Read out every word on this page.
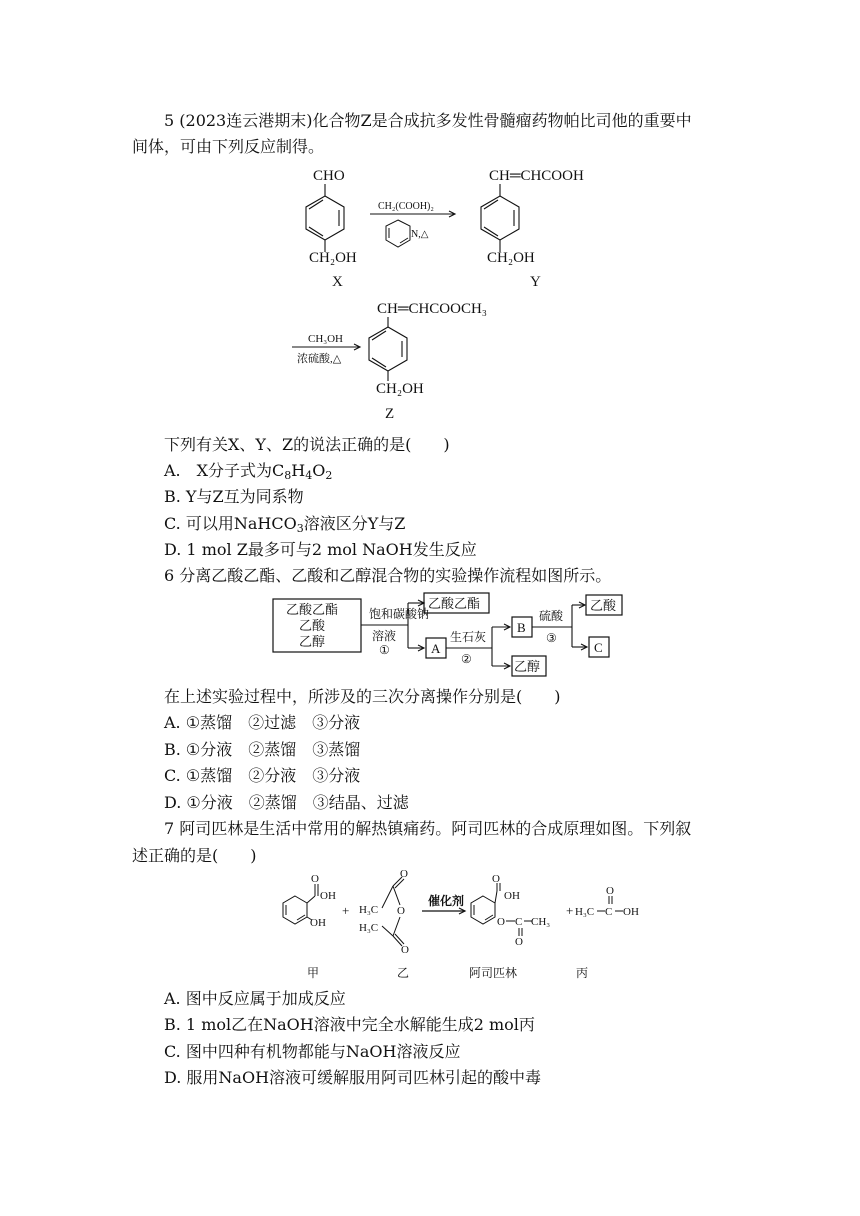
5 (2023连云港期末)化合物Z是合成抗多发性骨髓瘤药物帕比司他的重要中
间体，可由下列反应制得。
CHO
CH₂OH
X
CH₂(COOH)₂
N,△
CH═CHCOOH
CH₂OH
Y
CH₃OH
浓硫酸,△
CH═CHCOOCH₃
CH₂OH
Z
下列有关X、Y、Z的说法正确的是(　　)
A.　X分子式为$C_8H_4O_2$
B. Y与Z互为同系物
C. 可以用NaHCO$_3$溶液区分Y与Z
D. 1 mol Z最多可与2 mol NaOH发生反应
6 分离乙酸乙酯、乙酸和乙醇混合物的实验操作流程如图所示。
乙酸乙酯
乙酸
乙醇
饱和碳酸钠
溶液
①
乙酸乙酯
A
生石灰
②
B
乙醇
硫酸
③
乙酸
C
在上述实验过程中，所涉及的三次分离操作分别是(　　)
A. ①蒸馏　②过滤　③分液
B. ①分液　②蒸馏　③蒸馏
C. ①蒸馏　②分液　③分液
D. ①分液　②蒸馏　③结晶、过滤
7 阿司匹林是生活中常用的解热镇痛药。阿司匹林的合成原理如图。下列叙
述正确的是(　　)
O
OH
OH
甲
+ H₃C
H₃C
O
O
O
乙
催化剂
O
OH
O C
O
CH₃
阿司匹林
+ H₃C C
O
OH
丙
A. 图中反应属于加成反应
B. 1 mol乙在NaOH溶液中完全水解能生成2 mol丙
C. 图中四种有机物都能与NaOH溶液反应
D. 服用NaOH溶液可缓解服用阿司匹林引起的酸中毒
